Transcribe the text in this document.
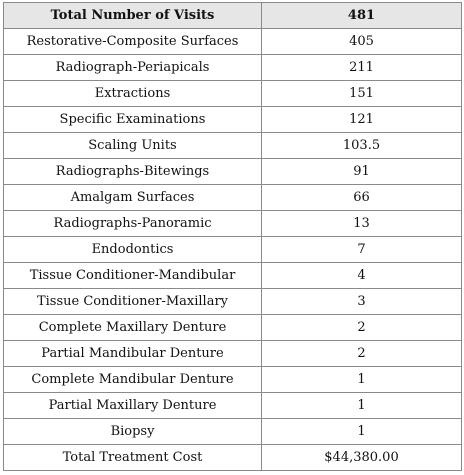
Total Number of Visits	481
Restorative-Composite Surfaces	405
Radiograph-Periapicals	211
Extractions	151
Specific Examinations	121
Scaling Units	103.5
Radiographs-Bitewings	91
Amalgam Surfaces	66
Radiographs-Panoramic	13
Endodontics	7
Tissue Conditioner-Mandibular	4
Tissue Conditioner-Maxillary	3
Complete Maxillary Denture	2
Partial Mandibular Denture	2
Complete Mandibular Denture	1
Partial Maxillary Denture	1
Biopsy	1
Total Treatment Cost	$44,380.00
